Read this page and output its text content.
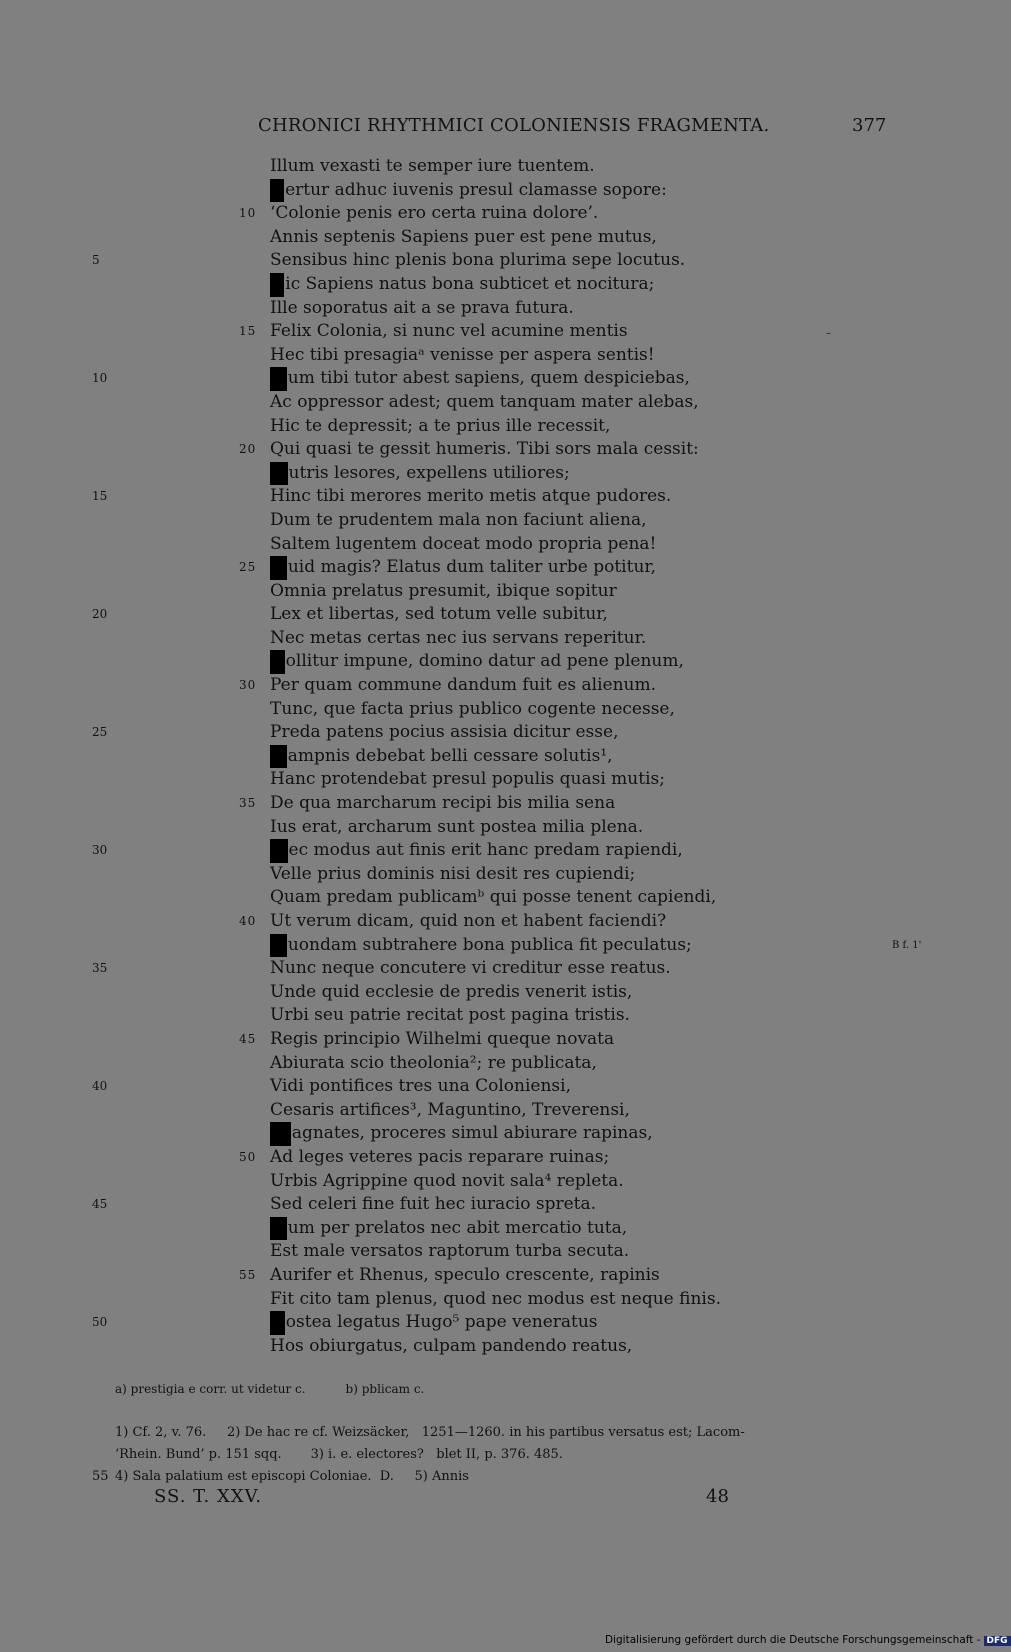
CHRONICI RHYTHMICI COLONIENSIS FRAGMENTA.	377
–
Illum vexasti te semper iure tuentem.
F ertur adhuc iuvenis presul clamasse sopore:
10 ‘Colonie penis ero certa ruina dolore’.
Annis septenis Sapiens puer est pene mutus,
5	Sensibus hinc plenis bona plurima sepe locutus.
S ic Sapiens natus bona subticet et nocitura;
Ille soporatus ait a se prava futura.
15 Felix Colonia, si nunc vel acumine mentis
Hec tibi presagiaᵃ venisse per aspera sentis!
10	D um tibi tutor abest sapiens, quem despiciebas,
Ac oppressor adest; quem tanquam mater alebas,
Hic te depressit; a te prius ille recessit,
20 Qui quasi te gessit humeris. Tibi sors mala cessit:
N utris lesores, expellens utiliores;
15	Hinc tibi merores merito metis atque pudores.
Dum te prudentem mala non faciunt aliena,
Saltem lugentem doceat modo propria pena!
25 Q uid magis? Elatus dum taliter urbe potitur,
Omnia prelatus presumit, ibique sopitur
20	Lex et libertas, sed totum velle subitur,
Nec metas certas nec ius servans reperitur.
T ollitur impune, domino datur ad pene plenum,
30 Per quam commune dandum fuit es alienum.
Tunc, que facta prius publico cogente necesse,
25	Preda patens pocius assisia dicitur esse,
D ampnis debebat belli cessare solutis¹,
Hanc protendebat presul populis quasi mutis;
35 De qua marcharum recipi bis milia sena
Ius erat, archarum sunt postea milia plena.
30	N ec modus aut finis erit hanc predam rapiendi,
Velle prius dominis nisi desit res cupiendi;
Quam predam publicamᵇ qui posse tenent capiendi,
40 Ut verum dicam, quid non et habent faciendi?
Q uondam subtrahere bona publica fit peculatus;	B f. 1'
35	Nunc neque concutere vi creditur esse reatus.
Unde quid ecclesie de predis venerit istis,
Urbi seu patrie recitat post pagina tristis.
45 Regis principio Wilhelmi queque novata
Abiurata scio theolonia²; re publicata,
40	Vidi pontifices tres una Coloniensi,
Cesaris artifices³, Maguntino, Treverensi,
M agnates, proceres simul abiurare rapinas,
50 Ad leges veteres pacis reparare ruinas;
Urbis Agrippine quod novit sala⁴ repleta.
45	Sed celeri fine fuit hec iuracio spreta.
D um per prelatos nec abit mercatio tuta,
Est male versatos raptorum turba secuta.
55 Aurifer et Rhenus, speculo crescente, rapinis
Fit cito tam plenus, quod nec modus est neque finis.
50	P ostea legatus Hugo⁵ pape veneratus
Hos obiurgatus, culpam pandendo reatus,
a) prestigia e corr. ut videtur c.	b) pblicam c.
1) Cf. 2, v. 76.     2) De hac re cf. Weizsäcker,   1251—1260. in his partibus versatus est; Lacom-
‘Rhein. Bund’ p. 151 sqq.       3) i. e. electores?   blet II, p. 376. 485.
55 4) Sala palatium est episcopi Coloniae.  D.     5) Annis
SS. T. XXV.	48
Digitalisierung gefördert durch die Deutsche Forschungsgemeinschaft - DFG
